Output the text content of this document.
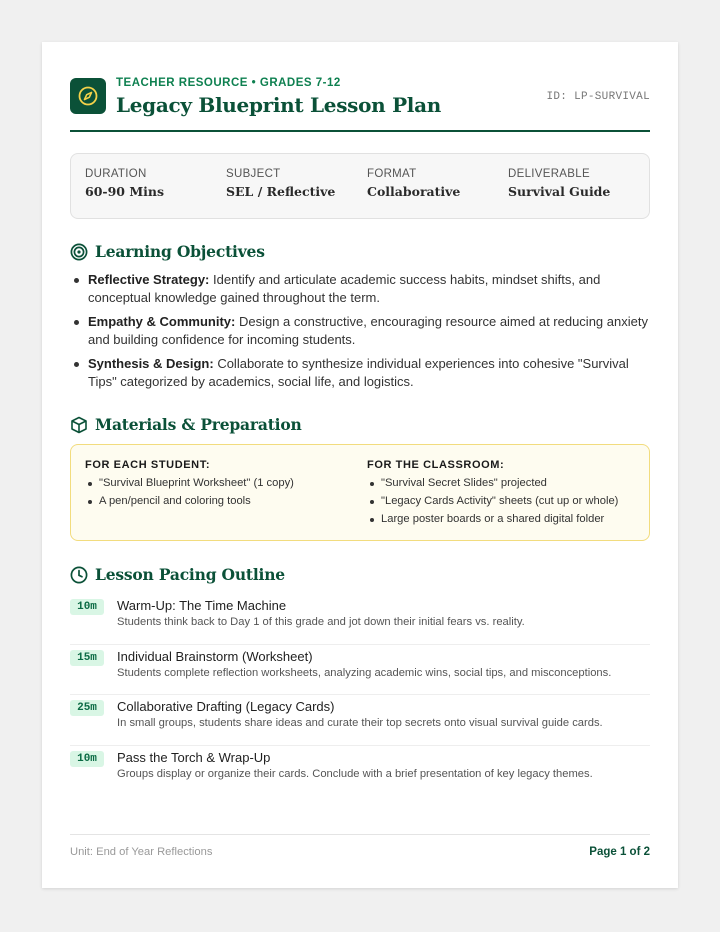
TEACHER RESOURCE • GRADES 7-12
Legacy Blueprint Lesson Plan	ID: LP-SURVIVAL
DURATION
60-90 Mins
SUBJECT
SEL / Reflective
FORMAT
Collaborative
DELIVERABLE
Survival Guide
Learning Objectives
Reflective Strategy: Identify and articulate academic success habits, mindset shifts, and conceptual knowledge gained throughout the term.
Empathy & Community: Design a constructive, encouraging resource aimed at reducing anxiety and building confidence for incoming students.
Synthesis & Design: Collaborate to synthesize individual experiences into cohesive "Survival Tips" categorized by academics, social life, and logistics.
Materials & Preparation
FOR EACH STUDENT:
"Survival Blueprint Worksheet" (1 copy)
A pen/pencil and coloring tools
FOR THE CLASSROOM:
"Survival Secret Slides" projected
"Legacy Cards Activity" sheets (cut up or whole)
Large poster boards or a shared digital folder
Lesson Pacing Outline
10m	Warm-Up: The Time Machine
Students think back to Day 1 of this grade and jot down their initial fears vs. reality.
15m	Individual Brainstorm (Worksheet)
Students complete reflection worksheets, analyzing academic wins, social tips, and misconceptions.
25m	Collaborative Drafting (Legacy Cards)
In small groups, students share ideas and curate their top secrets onto visual survival guide cards.
10m	Pass the Torch & Wrap-Up
Groups display or organize their cards. Conclude with a brief presentation of key legacy themes.
Unit: End of Year Reflections	Page 1 of 2
